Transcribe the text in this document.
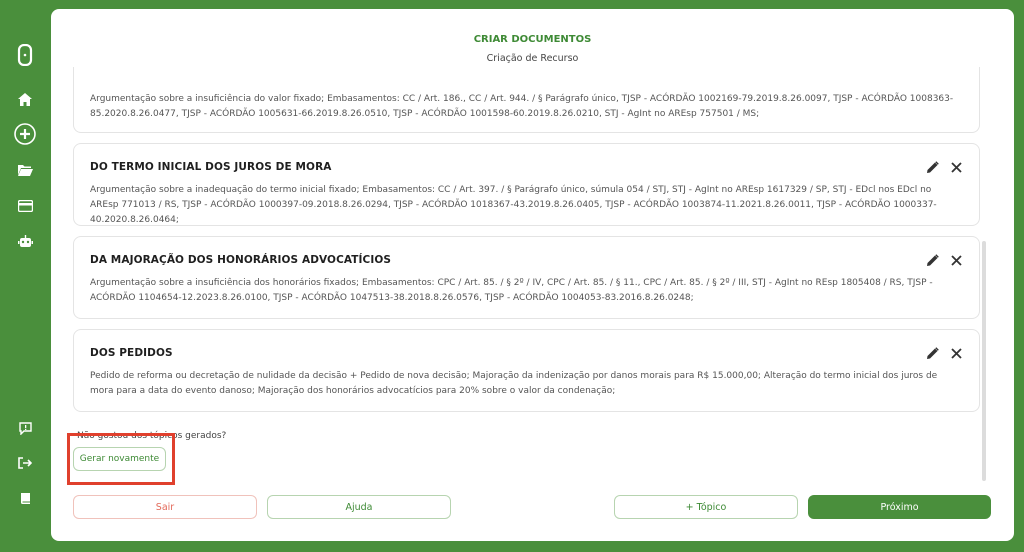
CRIAR DOCUMENTOS
Criação de Recurso
Argumentação sobre a insuficiência do valor fixado; Embasamentos: CC / Art. 186., CC / Art. 944. / § Parágrafo único, TJSP - ACÓRDÃO 1002169-79.2019.8.26.0097, TJSP - ACÓRDÃO 1008363-85.2020.8.26.0477, TJSP - ACÓRDÃO 1005631-66.2019.8.26.0510, TJSP - ACÓRDÃO 1001598-60.2019.8.26.0210, STJ - AgInt no AREsp 757501 / MS;
DO TERMO INICIAL DOS JUROS DE MORA
Argumentação sobre a inadequação do termo inicial fixado; Embasamentos: CC / Art. 397. / § Parágrafo único, súmula 054 / STJ, STJ - AgInt no AREsp 1617329 / SP, STJ - EDcl nos EDcl no AREsp 771013 / RS, TJSP - ACÓRDÃO 1000397-09.2018.8.26.0294, TJSP - ACÓRDÃO 1018367-43.2019.8.26.0405, TJSP - ACÓRDÃO 1003874-11.2021.8.26.0011, TJSP - ACÓRDÃO 1000337-40.2020.8.26.0464;
DA MAJORAÇÃO DOS HONORÁRIOS ADVOCATÍCIOS
Argumentação sobre a insuficiência dos honorários fixados; Embasamentos: CPC / Art. 85. / § 2º / IV, CPC / Art. 85. / § 11., CPC / Art. 85. / § 2º / III, STJ - AgInt no REsp 1805408 / RS, TJSP - ACÓRDÃO 1104654-12.2023.8.26.0100, TJSP - ACÓRDÃO 1047513-38.2018.8.26.0576, TJSP - ACÓRDÃO 1004053-83.2016.8.26.0248;
DOS PEDIDOS
Pedido de reforma ou decretação de nulidade da decisão + Pedido de nova decisão; Majoração da indenização por danos morais para R$ 15.000,00; Alteração do termo inicial dos juros de mora para a data do evento danoso; Majoração dos honorários advocatícios para 20% sobre o valor da condenação;
Não gostou dos tópicos gerados?
Gerar novamente
Sair	Ajuda	+ Tópico	Próximo
